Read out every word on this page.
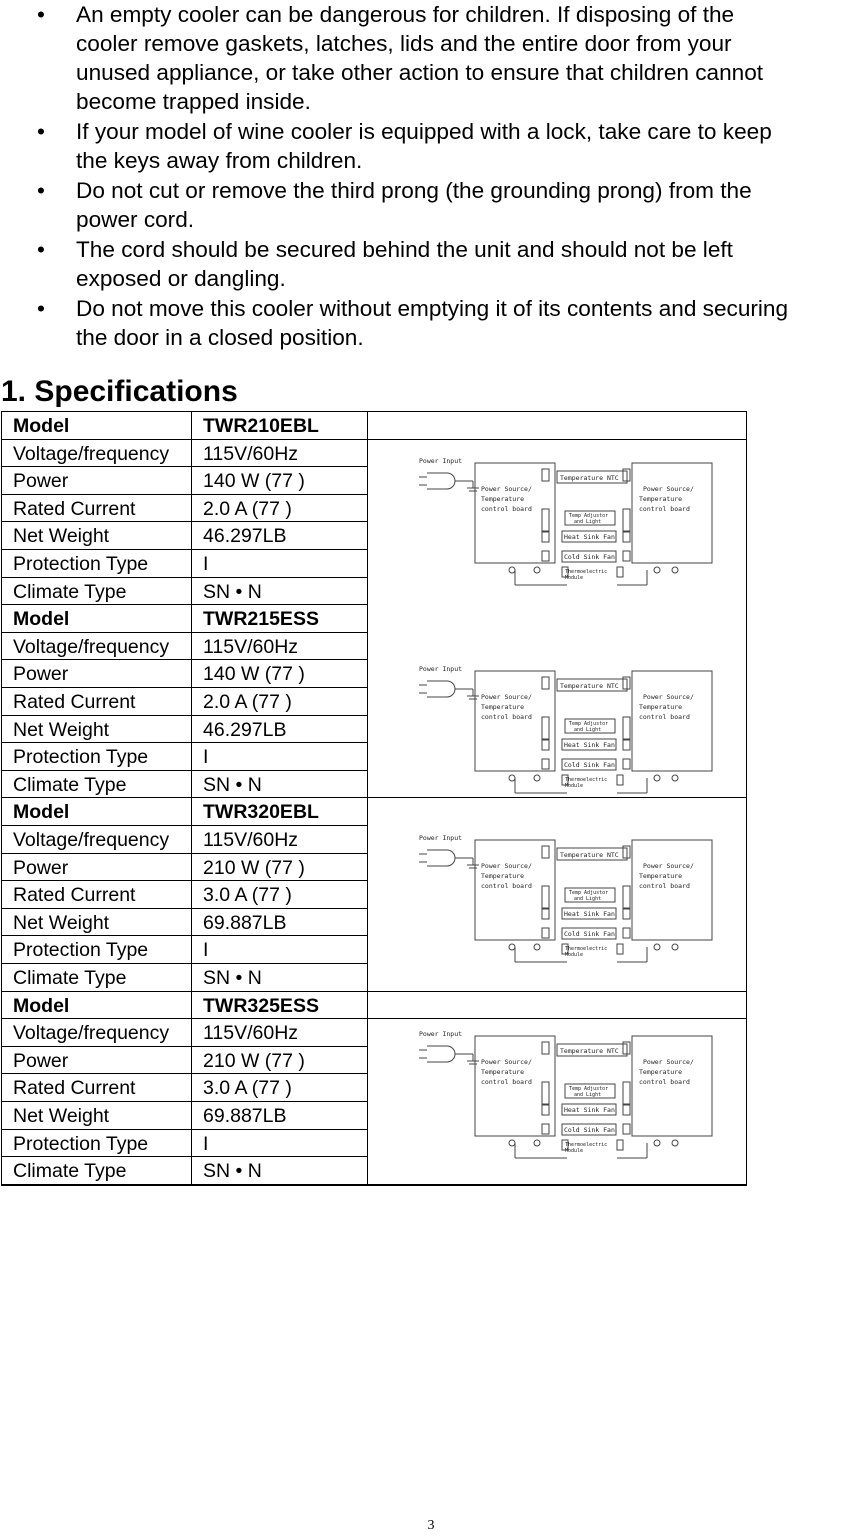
• An empty cooler can be dangerous for children. If disposing of the
cooler remove gaskets, latches, lids and the entire door from your
unused appliance, or take other action to ensure that children cannot
become trapped inside.
• If your model of wine cooler is equipped with a lock, take care to keep
the keys away from children.
• Do not cut or remove the third prong (the grounding prong) from the
power cord.
• The cord should be secured behind the unit and should not be left
exposed or dangling.
• Do not move this cooler without emptying it of its contents and securing
the door in a closed position.
1. Specifications
Model	TWR210EBL
Voltage/frequency	115V/60Hz
Power	140 W (77 )
Rated Current	2.0 A (77 )
Net Weight	46.297LB
Protection Type	I
Climate Type	SN • N
Model	TWR215ESS
Voltage/frequency	115V/60Hz
Power	140 W (77 )
Rated Current	2.0 A (77 )
Net Weight	46.297LB
Protection Type	I
Climate Type	SN • N
Model	TWR320EBL
Voltage/frequency	115V/60Hz
Power	210 W (77 )
Rated Current	3.0 A (77 )
Net Weight	69.887LB
Protection Type	I
Climate Type	SN • N
Model	TWR325ESS
Voltage/frequency	115V/60Hz
Power	210 W (77 )
Rated Current	3.0 A (77 )
Net Weight	69.887LB
Protection Type	I
Climate Type	SN • N
Power Input
Power Source/
Temperature
control board
Power Source/
Temperature
control board
Temperature NTC
Temp Adjustor
and Light
Heat Sink Fan
Cold Sink Fan
Thermoelectric
Module
Power Input
Power Source/
Temperature
control board
Power Source/
Temperature
control board
Temperature NTC
Temp Adjustor
and Light
Heat Sink Fan
Cold Sink Fan
Thermoelectric
Module
Power Input
Power Source/
Temperature
control board
Power Source/
Temperature
control board
Temperature NTC
Temp Adjustor
and Light
Heat Sink Fan
Cold Sink Fan
Thermoelectric
Module
Power Input
Power Source/
Temperature
control board
Power Source/
Temperature
control board
Temperature NTC
Temp Adjustor
and Light
Heat Sink Fan
Cold Sink Fan
Thermoelectric
Module
3
